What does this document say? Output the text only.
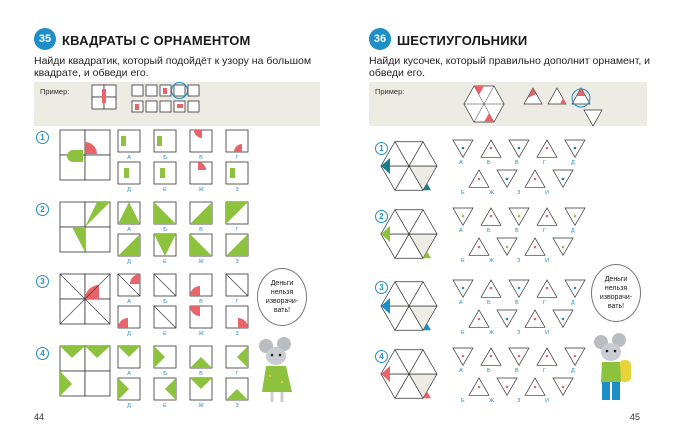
35 КВАДРАТЫ С ОРНАМЕНТОМ
Найди квадратик, который подойдёт к узору на большом квадрате, и обведи его.
Пример:
1
2
3
4
А	Б	В	Г
Д	Е	Ж	З
А	Б	В	Г
Д	Е	Ж	З
А	Б	В	Г
Д	Е	Ж	З
А	Б	В	Г
Д	Е	Ж	З
Деньги нельзя изворачи-вать!
44
36 ШЕСТИУГОЛЬНИКИ
Найди кусочек, который правильно дополнит орнамент, и обведи его.
Пример:
А	Б	В	Г	Д
Е	Ж	З	И
А	Б	В	Г	Д
Е	Ж	З	И
А	Б	В	Г	Д
Е	Ж	З	И
А	Б	В	Г	Д
Е	Ж	З	И
1
2
3
4
Деньги нельзя изворачи-вать!
45
